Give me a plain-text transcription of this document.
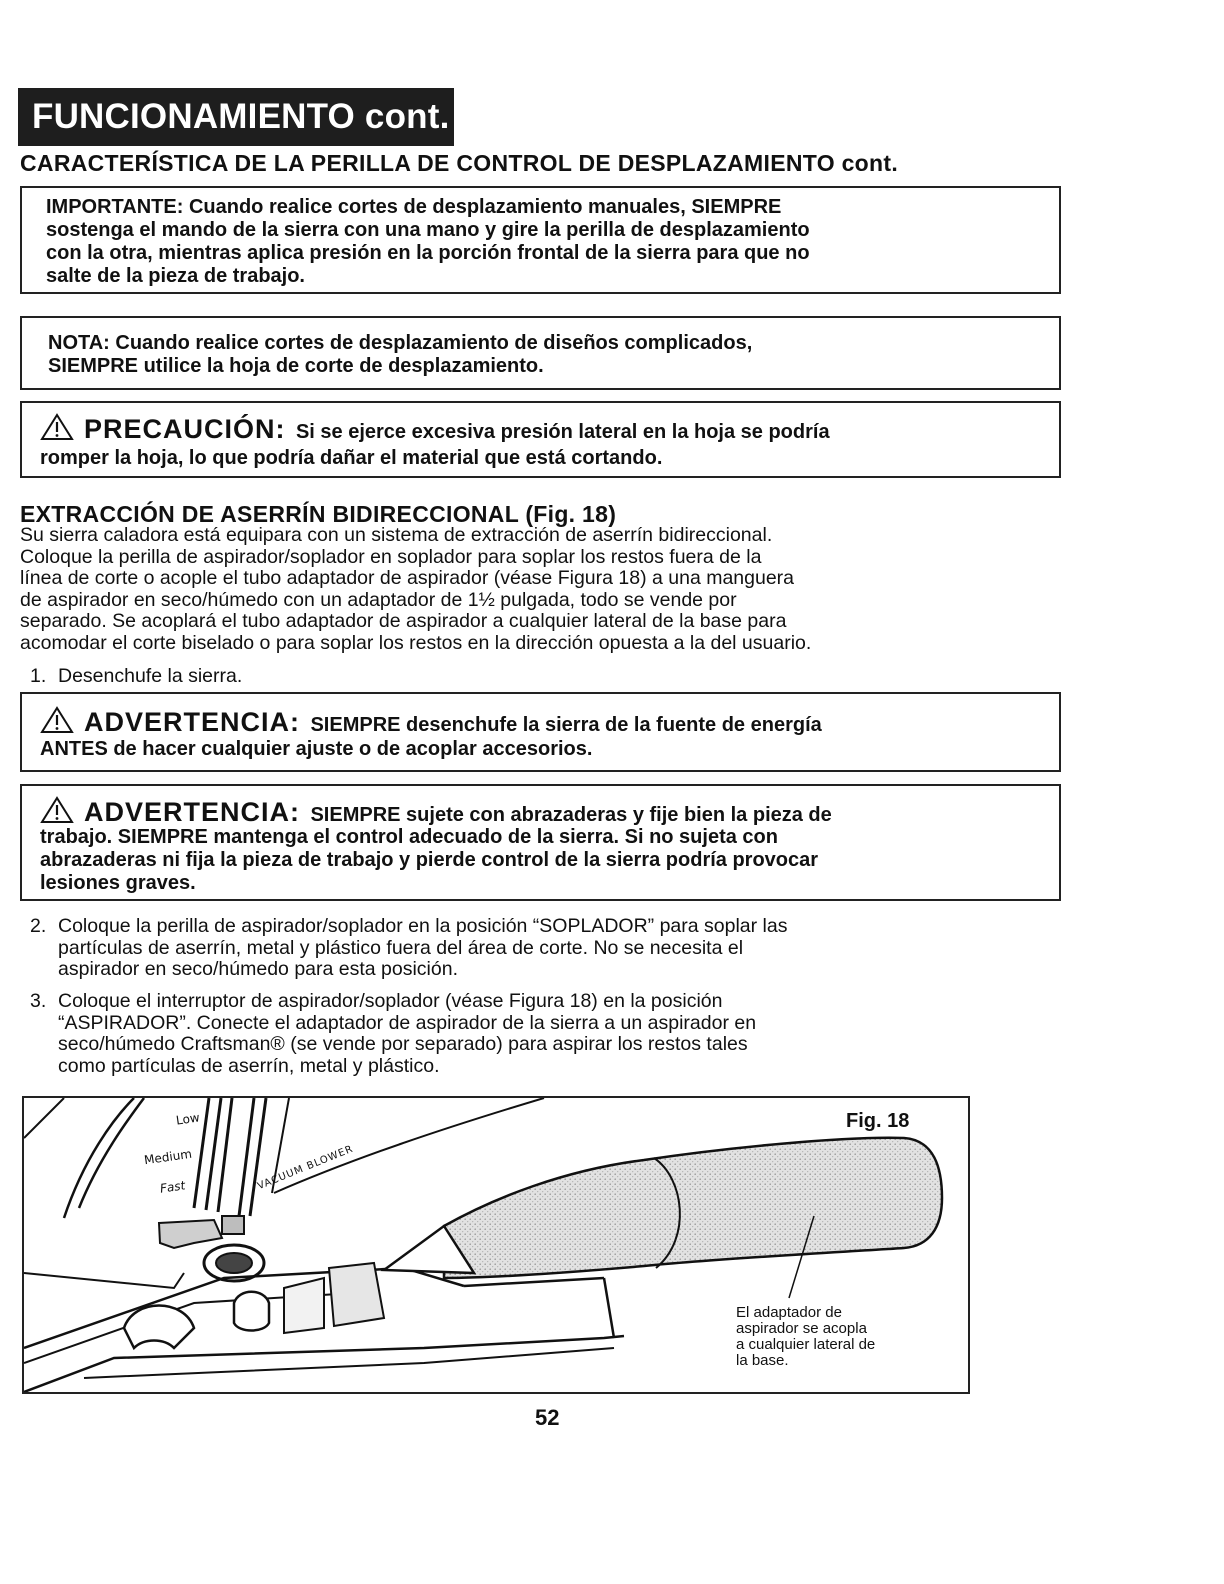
FUNCIONAMIENTO cont.
CARACTERÍSTICA DE LA PERILLA DE CONTROL DE DESPLAZAMIENTO cont.
IMPORTANTE: Cuando realice cortes de desplazamiento manuales, SIEMPRE
sostenga el mando de la sierra con una mano y gire la perilla de desplazamiento
con la otra, mientras aplica presión en la porción frontal de la sierra para que no
salte de la pieza de trabajo.
NOTA: Cuando realice cortes de desplazamiento de diseños complicados,
SIEMPRE utilice la hoja de corte de desplazamiento.
PRECAUCIÓN: Si se ejerce excesiva presión lateral en la hoja se podría
romper la hoja, lo que podría dañar el material que está cortando.
EXTRACCIÓN DE ASERRÍN BIDIRECCIONAL (Fig. 18)
Su sierra caladora está equipara con un sistema de extracción de aserrín bidireccional.
Coloque la perilla de aspirador/soplador en soplador para soplar los restos fuera de la
línea de corte o acople el tubo adaptador de aspirador (véase Figura 18) a una manguera
de aspirador en seco/húmedo con un adaptador de 1½ pulgada, todo se vende por
separado. Se acoplará el tubo adaptador de aspirador a cualquier lateral de la base para
acomodar el corte biselado o para soplar los restos en la dirección opuesta a la del usuario.
1. Desenchufe la sierra.
ADVERTENCIA: SIEMPRE desenchufe la sierra de la fuente de energía
ANTES de hacer cualquier ajuste o de acoplar accesorios.
ADVERTENCIA: SIEMPRE sujete con abrazaderas y fije bien la pieza de
trabajo. SIEMPRE mantenga el control adecuado de la sierra. Si no sujeta con
abrazaderas ni fija la pieza de trabajo y pierde control de la sierra podría provocar
lesiones graves.
2. Coloque la perilla de aspirador/soplador en la posición “SOPLADOR” para soplar las
partículas de aserrín, metal y plástico fuera del área de corte. No se necesita el
aspirador en seco/húmedo para esta posición.
3. Coloque el interruptor de aspirador/soplador (véase Figura 18) en la posición
“ASPIRADOR”. Conecte el adaptador de aspirador de la sierra a un aspirador en
seco/húmedo Craftsman® (se vende por separado) para aspirar los restos tales
como partículas de aserrín, metal y plástico.
Low
Medium
Fast	VACUUM BLOWER
Fig. 18
El adaptador de
aspirador se acopla
a cualquier lateral de
la base.
52
